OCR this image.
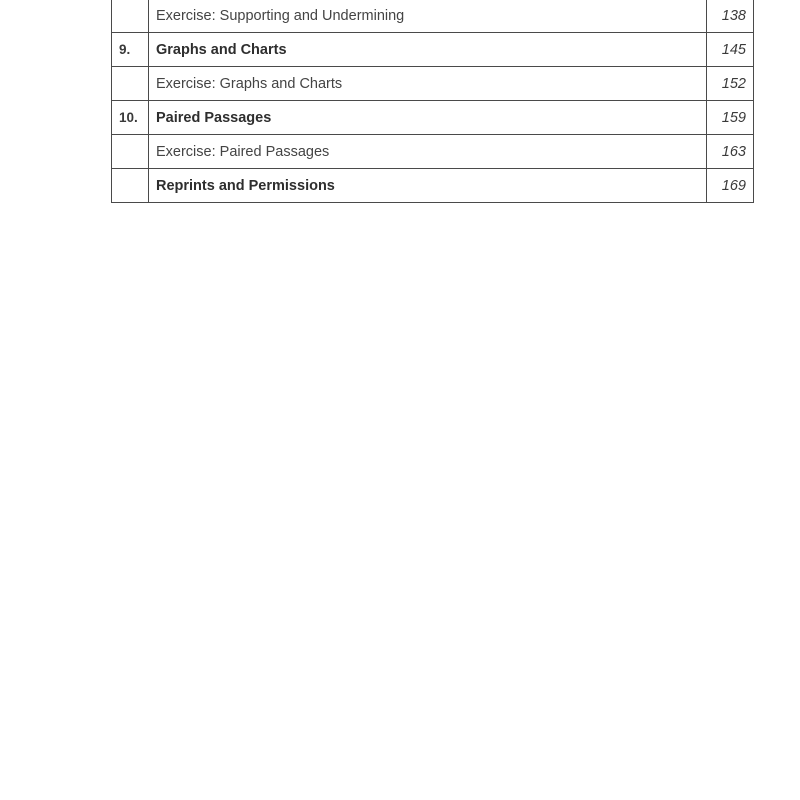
	Exercise: Supporting and Undermining	138
9.	Graphs and Charts	145
	Exercise: Graphs and Charts	152
10.	Paired Passages	159
	Exercise: Paired Passages	163
	Reprints and Permissions	169
